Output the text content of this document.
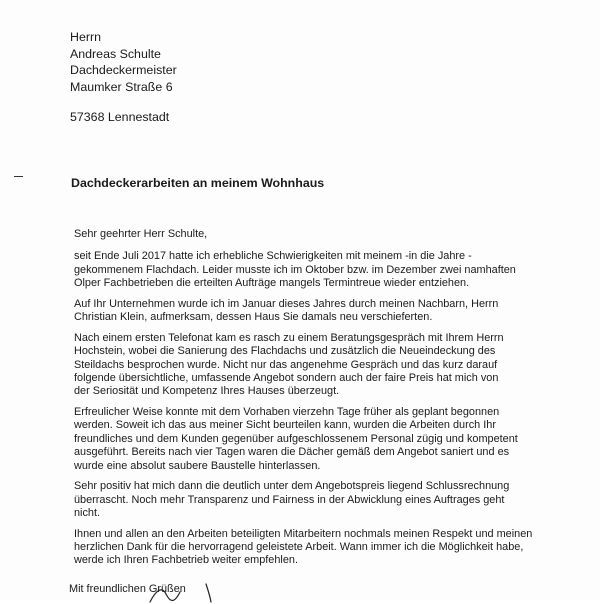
Herrn
Andreas Schulte
Dachdeckermeister
Maumker Straße 6
57368 Lennestadt
Dachdeckerarbeiten an meinem Wohnhaus

Sehr geehrter Herr Schulte,

seit Ende Juli 2017 hatte ich erhebliche Schwierigkeiten mit meinem -in die Jahre -

gekommenem Flachdach. Leider musste ich im Oktober bzw. im Dezember zwei namhaften

Olper Fachbetrieben die erteilten Aufträge mangels Termintreue wieder entziehen.

Auf Ihr Unternehmen wurde ich im Januar dieses Jahres durch meinen Nachbarn, Herrn

Christian Klein, aufmerksam, dessen Haus Sie damals neu verschieferten.

Nach einem ersten Telefonat kam es rasch zu einem Beratungsgespräch mit Ihrem Herrn

Hochstein, wobei die Sanierung des Flachdachs und zusätzlich die Neueindeckung des

Steildachs besprochen wurde. Nicht nur das angenehme Gespräch und das kurz darauf

folgende übersichtliche, umfassende Angebot sondern auch der faire Preis hat mich von

der Seriosität und Kompetenz Ihres Hauses überzeugt.

Erfreulicher Weise konnte mit dem Vorhaben vierzehn Tage früher als geplant begonnen

werden. Soweit ich das aus meiner Sicht beurteilen kann, wurden die Arbeiten durch Ihr

freundliches und dem Kunden gegenüber aufgeschlossenem Personal zügig und kompetent

ausgeführt. Bereits nach vier Tagen waren die Dächer gemäß dem Angebot saniert und es

wurde eine absolut saubere Baustelle hinterlassen.

Sehr positiv hat mich dann die deutlich unter dem Angebotspreis liegend Schlussrechnung

überrascht. Noch mehr Transparenz und Fairness in der Abwicklung eines Auftrages geht

nicht.

Ihnen und allen an den Arbeiten beteiligten Mitarbeitern nochmals meinen Respekt und meinen

herzlichen Dank für die hervorragend geleistete Arbeit. Wann immer ich die Möglichkeit habe,

werde ich Ihren Fachbetrieb weiter empfehlen.

Mit freundlichen Grüßen
